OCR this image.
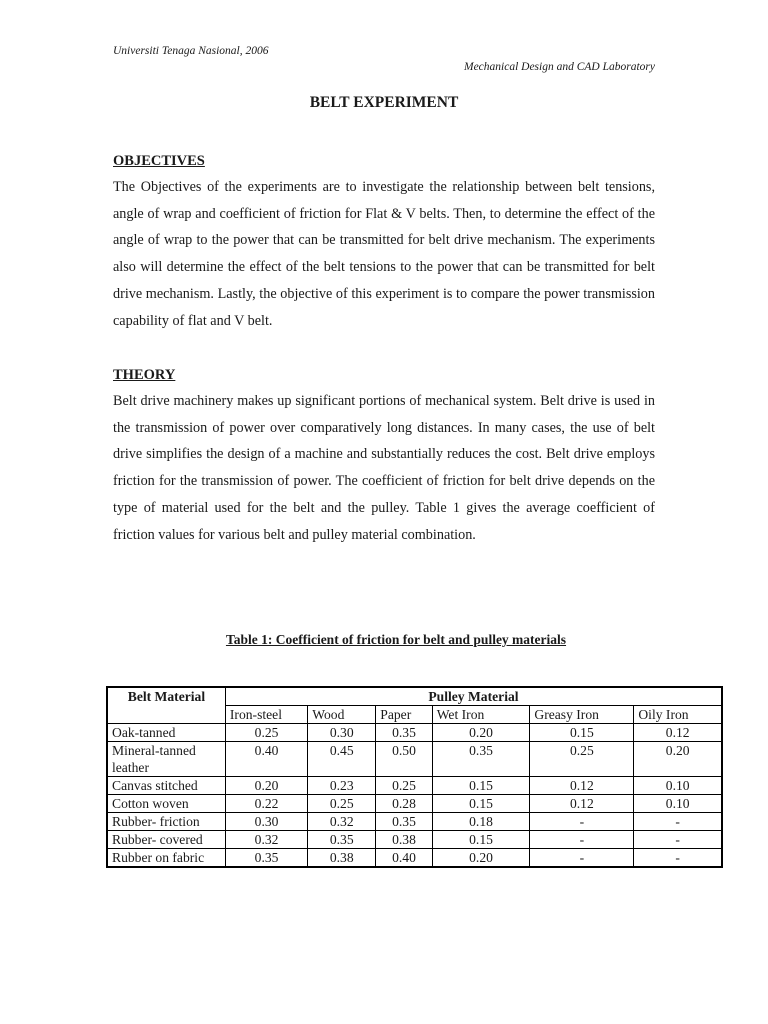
Universiti Tenaga Nasional, 2006
Mechanical Design and CAD Laboratory
BELT EXPERIMENT
OBJECTIVES
The Objectives of the experiments are to investigate the relationship between belt tensions, angle of wrap and coefficient of friction for Flat & V belts. Then, to determine the effect of the angle of wrap to the power that can be transmitted for belt drive mechanism. The experiments also will determine the effect of the belt tensions to the power that can be transmitted for belt drive mechanism. Lastly, the objective of this experiment is to compare the power transmission capability of flat and V belt.
THEORY
Belt drive machinery makes up significant portions of mechanical system. Belt drive is used in the transmission of power over comparatively long distances. In many cases, the use of belt drive simplifies the design of a machine and substantially reduces the cost. Belt drive employs friction for the transmission of power. The coefficient of friction for belt drive depends on the type of material used for the belt and the pulley. Table 1 gives the average coefficient of friction values for various belt and pulley material combination.
Table 1: Coefficient of friction for belt and pulley materials
Belt Material	Pulley Material					
	Iron-steel	Wood	Paper	Wet Iron	Greasy Iron	Oily Iron
Oak-tanned	0.25	0.30	0.35	0.20	0.15	0.12
Mineral-tanned leather	0.40	0.45	0.50	0.35	0.25	0.20
Canvas stitched	0.20	0.23	0.25	0.15	0.12	0.10
Cotton woven	0.22	0.25	0.28	0.15	0.12	0.10
Rubber- friction	0.30	0.32	0.35	0.18	-	-
Rubber- covered	0.32	0.35	0.38	0.15	-	-
Rubber on fabric	0.35	0.38	0.40	0.20	-	-
